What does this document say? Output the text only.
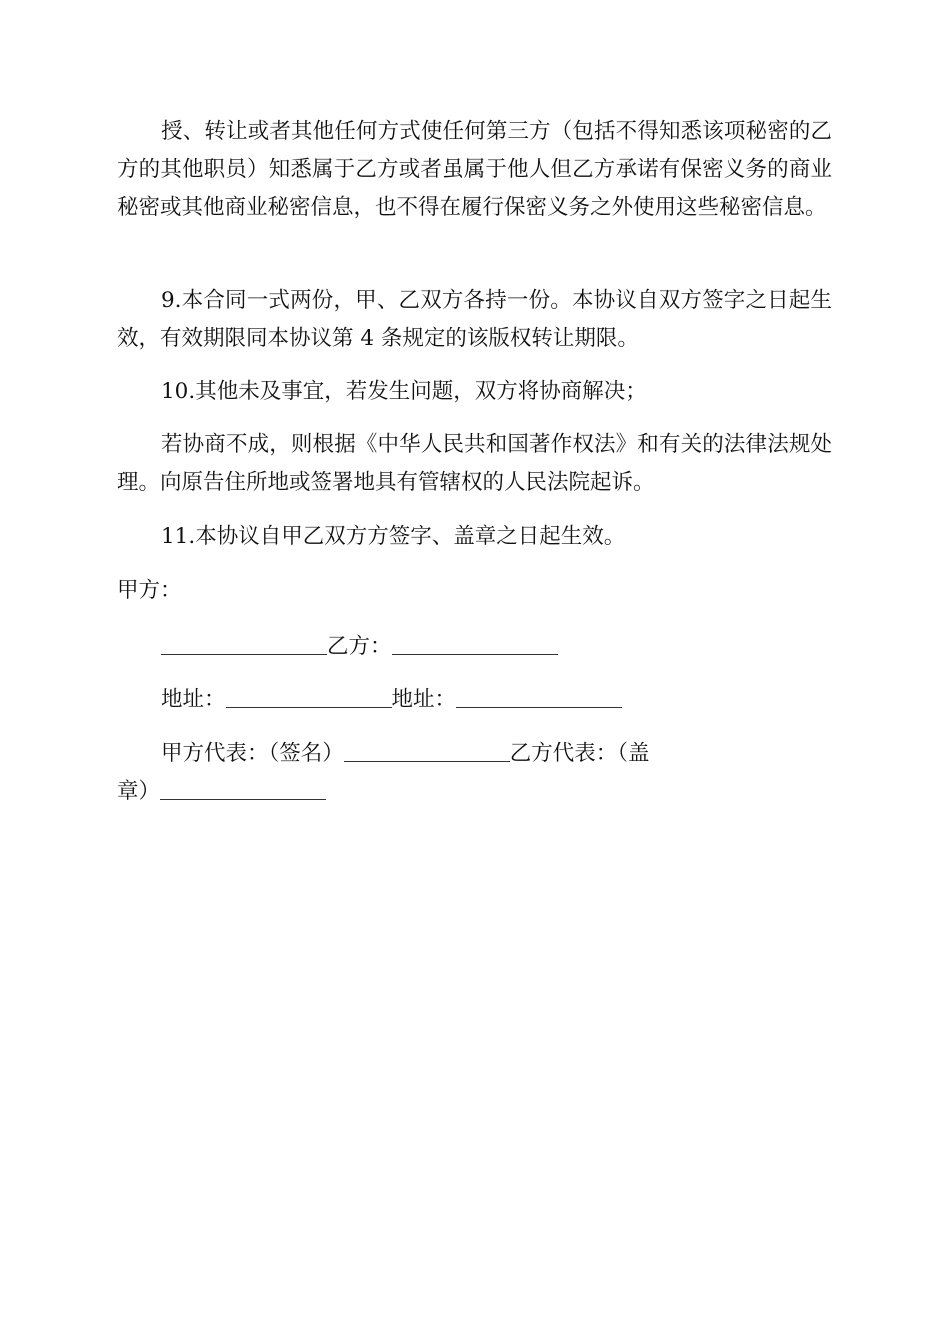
授、转让或者其他任何方式使任何第三方（包括不得知悉该项秘密的乙方的其他职员）知悉属于乙方或者虽属于他人但乙方承诺有保密义务的商业秘密或其他商业秘密信息，也不得在履行保密义务之外使用这些秘密信息。

9.本合同一式两份，甲、乙双方各持一份。本协议自双方签字之日起生效，有效期限同本协议第 4 条规定的该版权转让期限。

10.其他未及事宜，若发生问题，双方将协商解决；

若协商不成，则根据《中华人民共和国著作权法》和有关的法律法规处理。向原告住所地或签署地具有管辖权的人民法院起诉。

11.本协议自甲乙双方方签字、盖章之日起生效。

甲方：

乙方：

地址：	地址：

甲方代表：（签名）	乙方代表：（盖

章）
